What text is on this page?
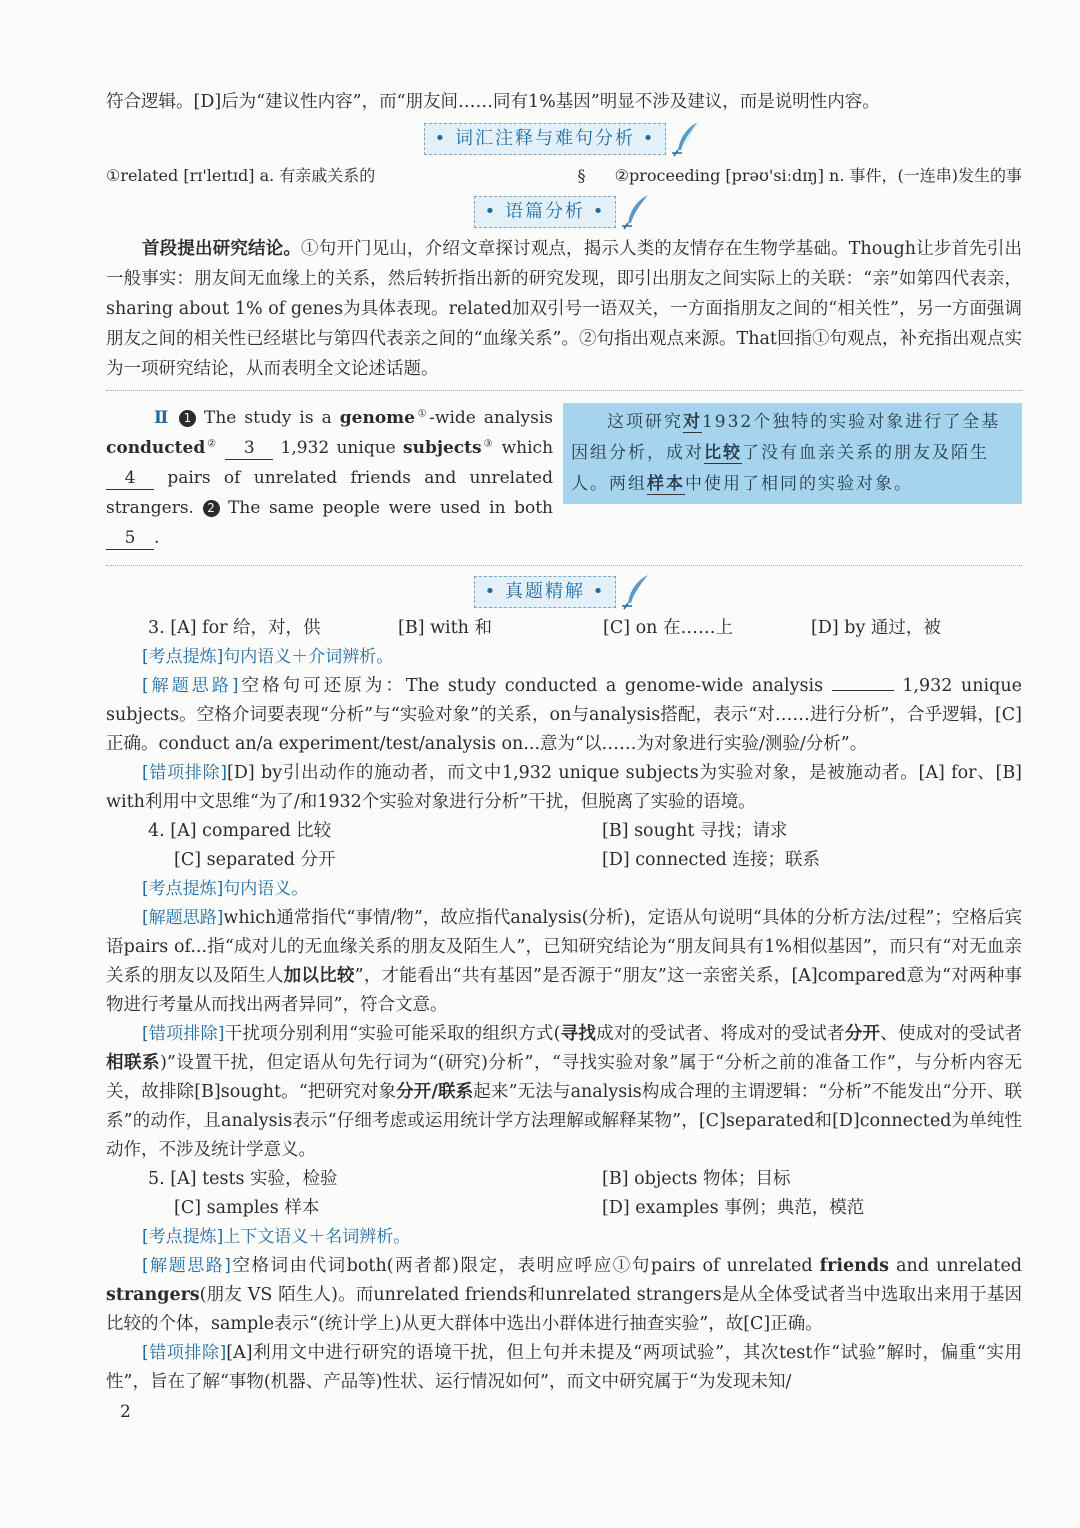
符合逻辑。[D]后为“建议性内容”，而“朋友间……同有1%基因”明显不涉及建议，而是说明性内容。

• 词汇注释与难句分析 •
①related [rɪ'leɪtɪd] a. 有亲戚关系的	§ ②proceeding [prəʊ'siːdɪŋ] n. 事件，(一连串)发生的事
• 语篇分析 •

首段提出研究结论。①句开门见山，介绍文章探讨观点，揭示人类的友情存在生物学基础。Though让步首先引出一般事实：朋友间无血缘上的关系，然后转折指出新的研究发现，即引出朋友之间实际上的关联：“亲”如第四代表亲，sharing about 1% of genes为具体表现。related加双引号一语双关，一方面指朋友之间的“相关性”，另一方面强调朋友之间的相关性已经堪比与第四代表亲之间的“血缘关系”。②句指出观点来源。That回指①句观点，补充指出观点实为一项研究结论，从而表明全文论述话题。

Ⅱ 1 The study is a genome①-wide analysis conducted② 3 1,932 unique subjects③ which 4 pairs of unrelated friends and unrelated strangers. 2 The same people were used in both 5 .
这项研究对1932个独特的实验对象进行了全基因组分析，成对比较了没有血亲关系的朋友及陌生人。两组样本中使用了相同的实验对象。
• 真题精解 •
3. [A] for 给，对，供	[B] with 和	[C] on 在……上	[D] by 通过，被

[考点提炼]句内语义＋介词辨析。

[解题思路]空格句可还原为：The study conducted a genome-wide analysis	1,932 unique subjects。空格介词要表现“分析”与“实验对象”的关系，on与analysis搭配，表示“对……进行分析”，合乎逻辑，[C]正确。conduct an/a experiment/test/analysis on...意为“以……为对象进行实验/测验/分析”。

[错项排除][D] by引出动作的施动者，而文中1,932 unique subjects为实验对象，是被施动者。[A] for、[B] with利用中文思维“为了/和1932个实验对象进行分析”干扰，但脱离了实验的语境。

4. [A] compared 比较	[B] sought 寻找；请求
[C] separated 分开	[D] connected 连接；联系

[考点提炼]句内语义。

[解题思路]which通常指代“事情/物”，故应指代analysis(分析)，定语从句说明“具体的分析方法/过程”；空格后宾语pairs of...指“成对儿的无血缘关系的朋友及陌生人”，已知研究结论为“朋友间具有1%相似基因”，而只有“对无血亲关系的朋友以及陌生人加以比较”，才能看出“共有基因”是否源于“朋友”这一亲密关系，[A]compared意为“对两种事物进行考量从而找出两者异同”，符合文意。

[错项排除]干扰项分别利用“实验可能采取的组织方式(寻找成对的受试者、将成对的受试者分开、使成对的受试者相联系)”设置干扰，但定语从句先行词为“(研究)分析”，“寻找实验对象”属于“分析之前的准备工作”，与分析内容无关，故排除[B]sought。“把研究对象分开/联系起来”无法与analysis构成合理的主谓逻辑：“分析”不能发出“分开、联系”的动作，且analysis表示“仔细考虑或运用统计学方法理解或解释某物”，[C]separated和[D]connected为单纯性动作，不涉及统计学意义。

5. [A] tests 实验，检验	[B] objects 物体；目标
[C] samples 样本	[D] examples 事例；典范，模范

[考点提炼]上下文语义＋名词辨析。

[解题思路]空格词由代词both(两者都)限定，表明应呼应①句pairs of unrelated friends and unrelated strangers(朋友 VS 陌生人)。而unrelated friends和unrelated strangers是从全体受试者当中选取出来用于基因比较的个体，sample表示“(统计学上)从更大群体中选出小群体进行抽查实验”，故[C]正确。

[错项排除][A]利用文中进行研究的语境干扰，但上句并未提及“两项试验”，其次test作“试验”解时，偏重“实用性”，旨在了解“事物(机器、产品等)性状、运行情况如何”，而文中研究属于“为发现未知/

2
